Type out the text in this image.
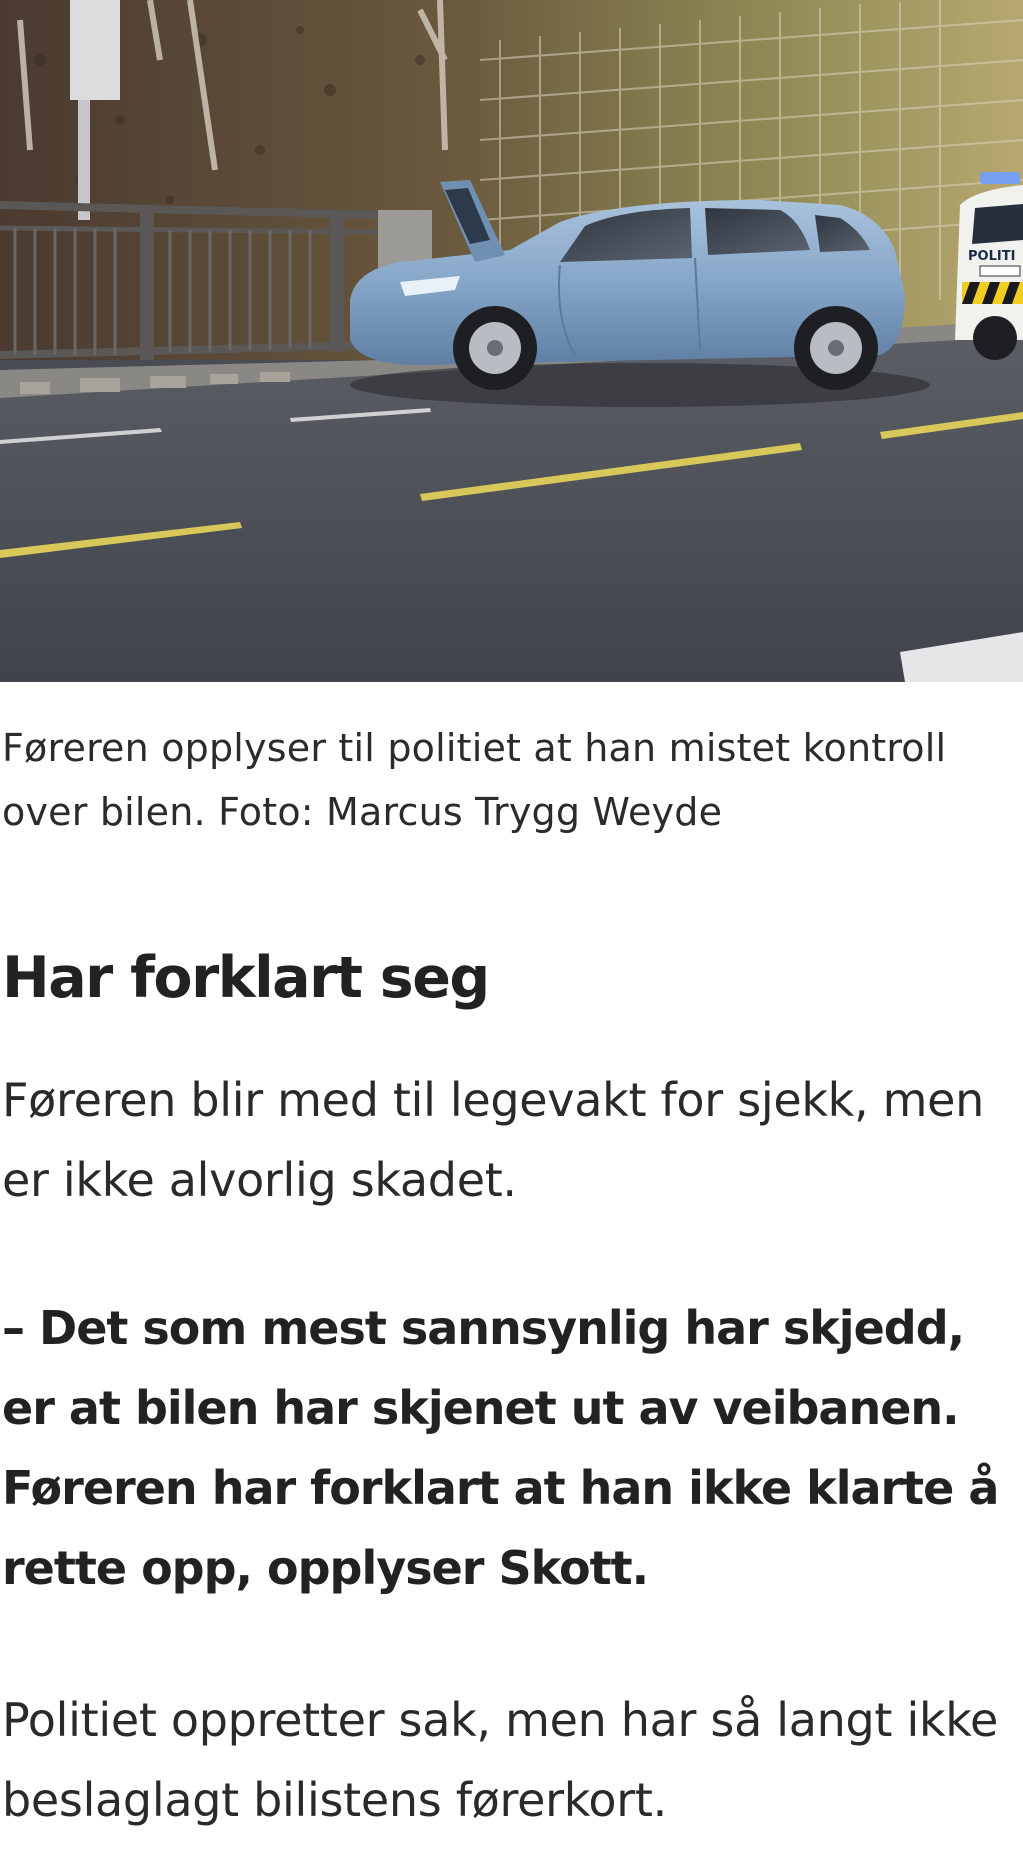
POLITI

Føreren opplyser til politiet at han mistet kontroll over bilen. Foto: Marcus Trygg Weyde

Har forklart seg

Føreren blir med til legevakt for sjekk, men er ikke alvorlig skadet.

– Det som mest sannsynlig har skjedd, er at bilen har skjenet ut av veibanen. Føreren har forklart at han ikke klarte å rette opp, opplyser Skott.

Politiet oppretter sak, men har så langt ikke beslaglagt bilistens førerkort.
